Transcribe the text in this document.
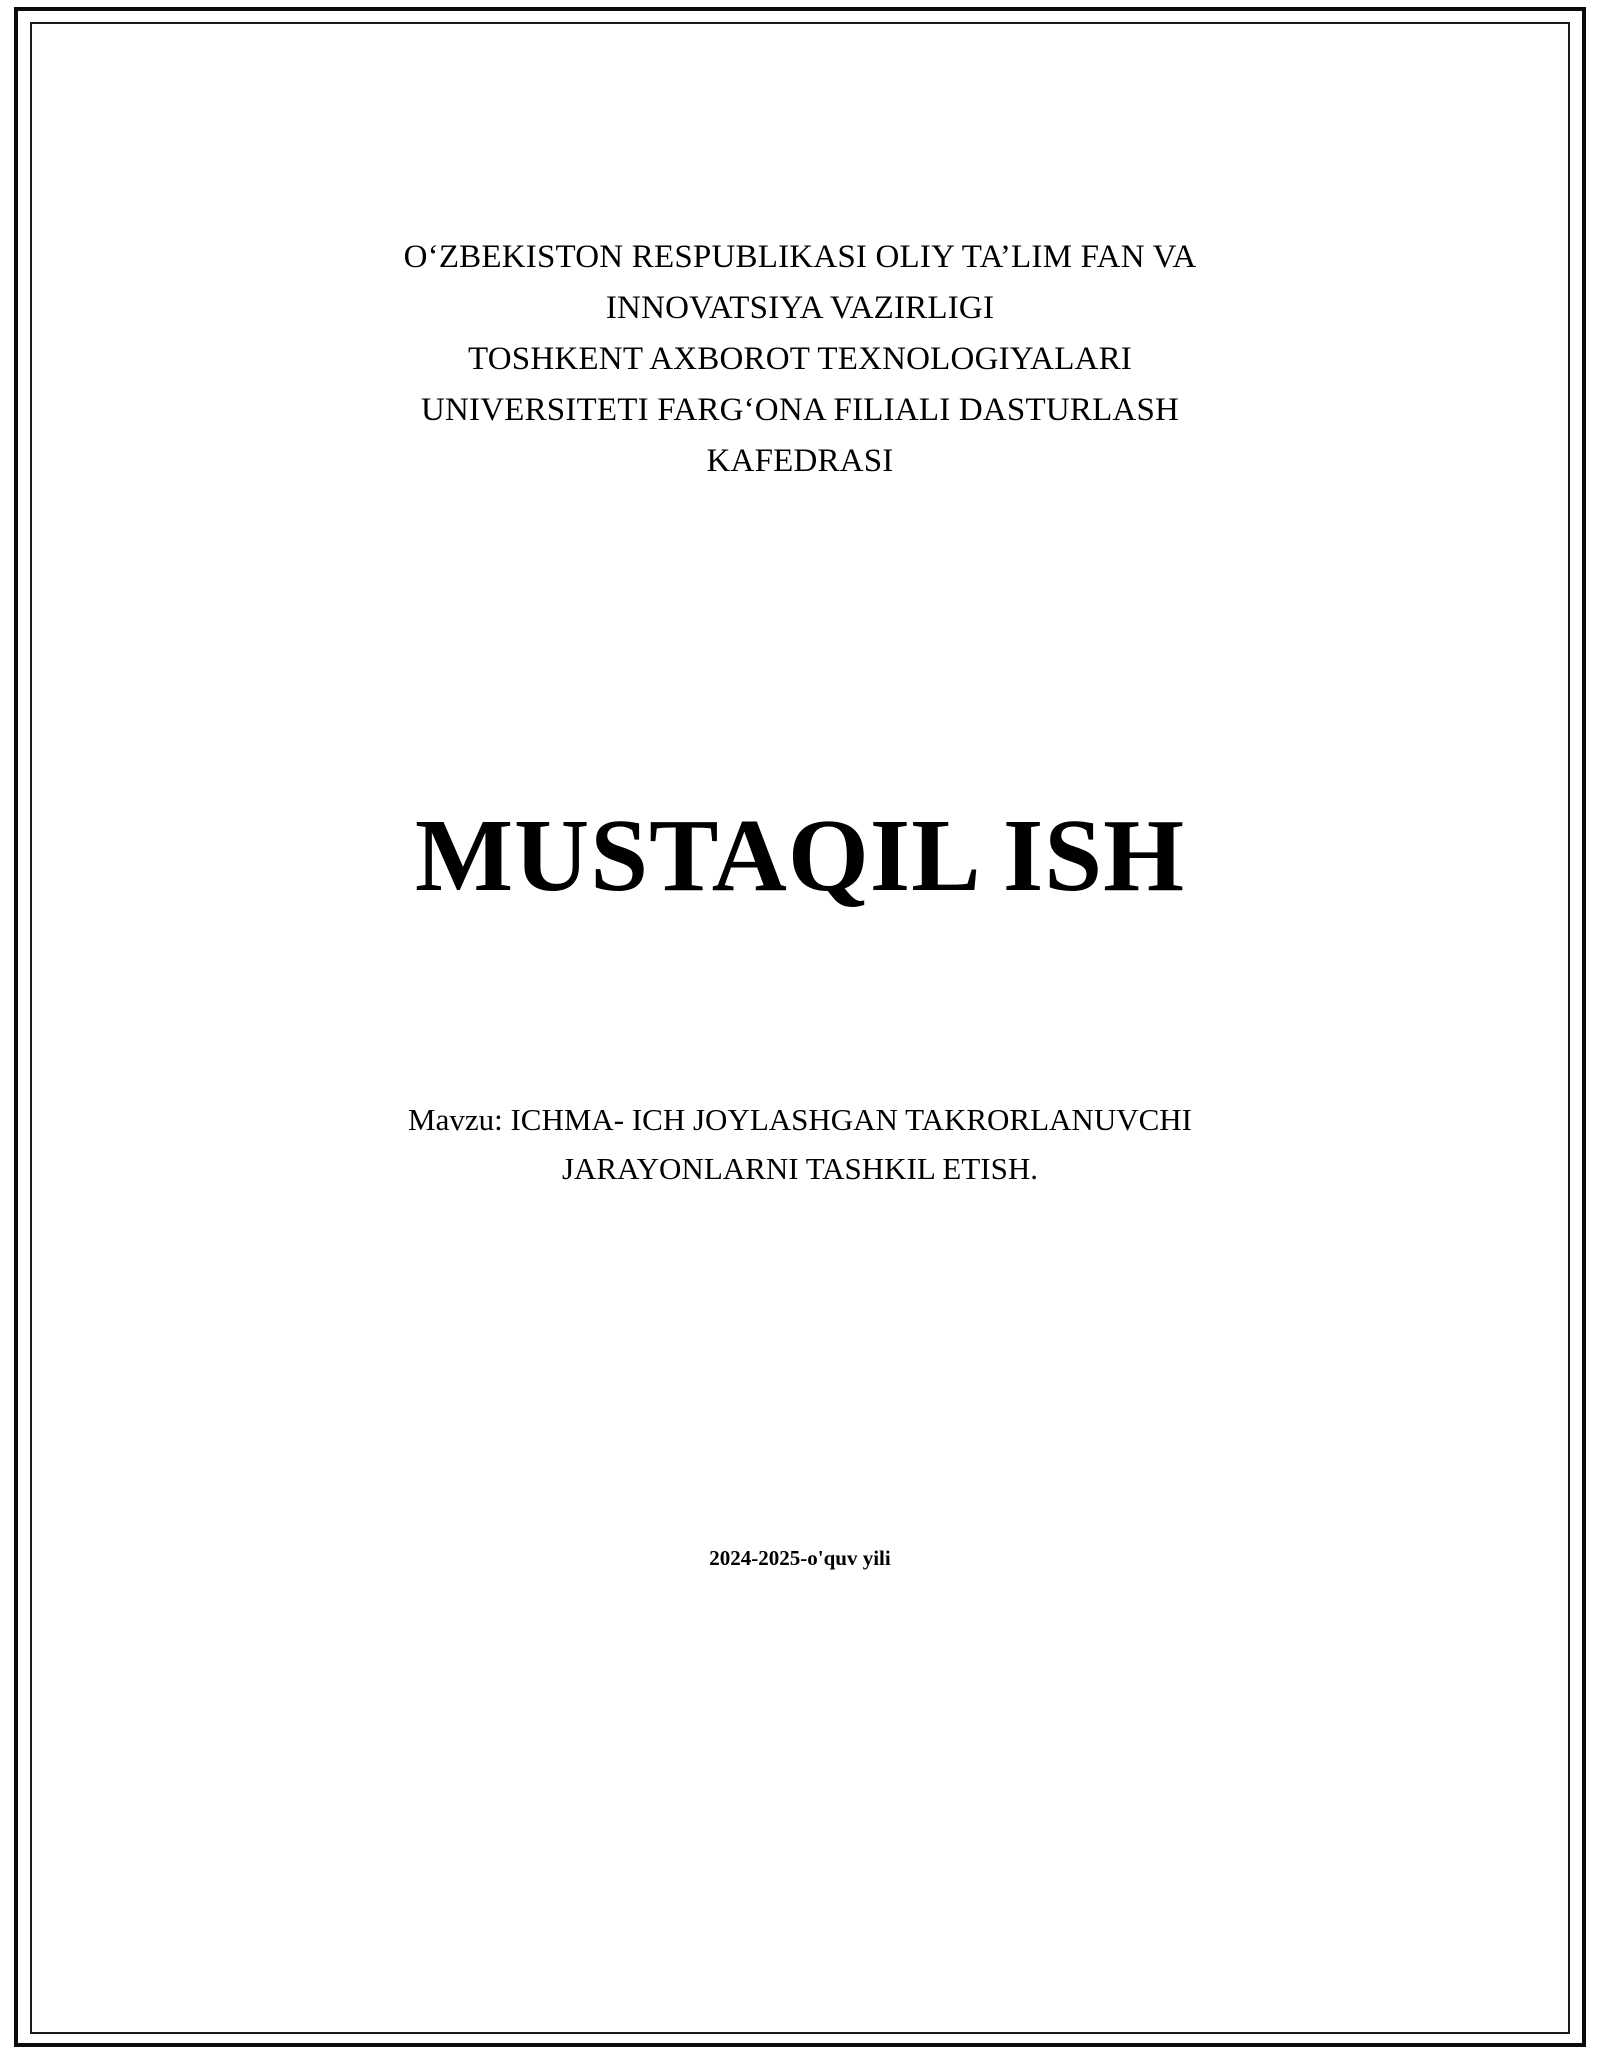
O‘ZBEKISTON RESPUBLIKASI OLIY TA’LIM FAN VA
INNOVATSIYA VAZIRLIGI
TOSHKENT AXBOROT TEXNOLOGIYALARI
UNIVERSITETI FARG‘ONA FILIALI DASTURLASH
KAFEDRASI
MUSTAQIL ISH
Mavzu: ICHMA- ICH JOYLASHGAN TAKRORLANUVCHI
JARAYONLARNI TASHKIL ETISH.
2024-2025-o'quv yili
